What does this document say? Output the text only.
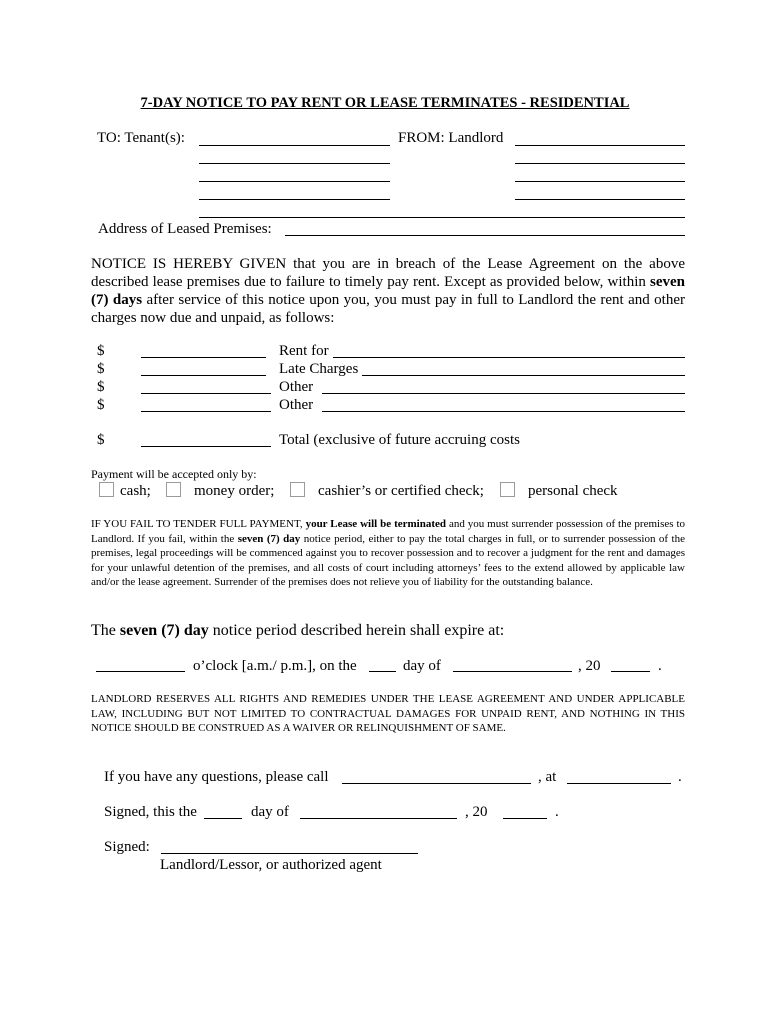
7-DAY NOTICE TO PAY RENT OR LEASE TERMINATES - RESIDENTIAL
TO: Tenant(s):	FROM: Landlord
Address of Leased Premises:
NOTICE IS HEREBY GIVEN that you are in breach of the Lease Agreement on the above described lease premises due to failure to timely pay rent. Except as provided below, within seven (7) days after service of this notice upon you, you must pay in full to Landlord the rent and other charges now due and unpaid, as follows:
$	Rent for
$	Late Charges
$	Other
$	Other
$	Total (exclusive of future accruing costs
Payment will be accepted only by:
cash;	money order;	cashier’s or certified check;	personal check
IF YOU FAIL TO TENDER FULL PAYMENT, your Lease will be terminated and you must surrender possession of the premises to Landlord. If you fail, within the seven (7) day notice period, either to pay the total charges in full, or to surrender possession of the premises, legal proceedings will be commenced against you to recover possession and to recover a judgment for the rent and damages for your unlawful detention of the premises, and all costs of court including attorneys’ fees to the extend allowed by applicable law and/or the lease agreement. Surrender of the premises does not relieve you of liability for the outstanding balance.
The seven (7) day notice period described herein shall expire at:
o’clock [a.m./ p.m.], on the	day of	, 20	.
LANDLORD RESERVES ALL RIGHTS AND REMEDIES UNDER THE LEASE AGREEMENT AND UNDER APPLICABLE LAW, INCLUDING BUT NOT LIMITED TO CONTRACTUAL DAMAGES FOR UNPAID RENT, AND NOTHING IN THIS NOTICE SHOULD BE CONSTRUED AS A WAIVER OR RELINQUISHMENT OF SAME.
If you have any questions, please call	, at	.
Signed, this the	day of	, 20	.
Signed:
Landlord/Lessor, or authorized agent
